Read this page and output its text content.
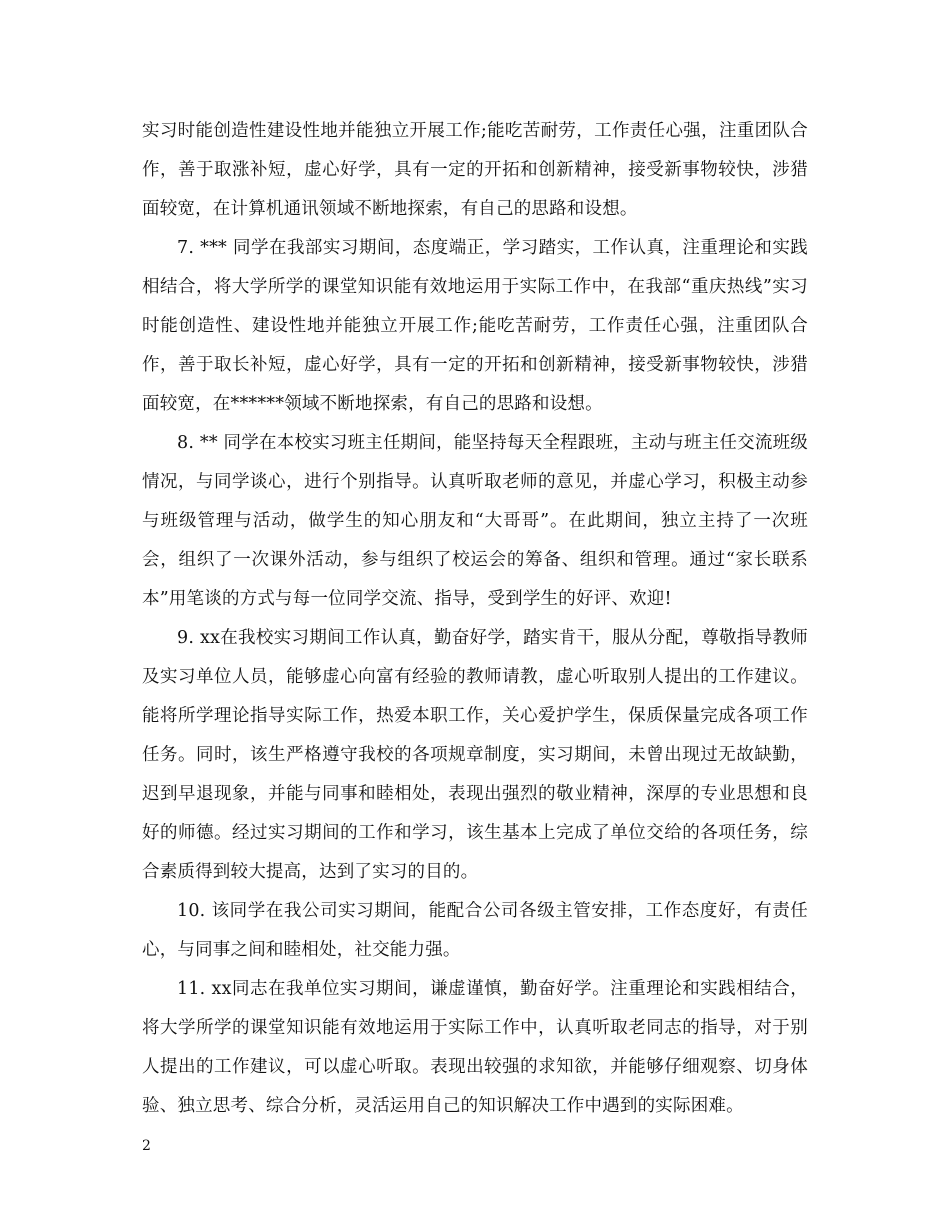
实习时能创造性建设性地并能独立开展工作;能吃苦耐劳，工作责任心强，注重团队合作，善于取涨补短，虚心好学，具有一定的开拓和创新精神，接受新事物较快，涉猎面较宽，在计算机通讯领域不断地探索，有自己的思路和设想。

7. *** 同学在我部实习期间，态度端正，学习踏实，工作认真，注重理论和实践相结合，将大学所学的课堂知识能有效地运用于实际工作中，在我部“重庆热线”实习时能创造性、建设性地并能独立开展工作;能吃苦耐劳，工作责任心强，注重团队合作，善于取长补短，虚心好学，具有一定的开拓和创新精神，接受新事物较快，涉猎面较宽，在******领域不断地探索，有自己的思路和设想。

8. ** 同学在本校实习班主任期间，能坚持每天全程跟班，主动与班主任交流班级情况，与同学谈心，进行个别指导。认真听取老师的意见，并虚心学习，积极主动参与班级管理与活动，做学生的知心朋友和“大哥哥”。在此期间，独立主持了一次班会，组织了一次课外活动，参与组织了校运会的筹备、组织和管理。通过“家长联系本”用笔谈的方式与每一位同学交流、指导，受到学生的好评、欢迎!

9. xx在我校实习期间工作认真，勤奋好学，踏实肯干，服从分配，尊敬指导教师及实习单位人员，能够虚心向富有经验的教师请教，虚心听取别人提出的工作建议。能将所学理论指导实际工作，热爱本职工作，关心爱护学生，保质保量完成各项工作任务。同时，该生严格遵守我校的各项规章制度，实习期间，未曾出现过无故缺勤，迟到早退现象，并能与同事和睦相处，表现出强烈的敬业精神，深厚的专业思想和良好的师德。经过实习期间的工作和学习，该生基本上完成了单位交给的各项任务，综合素质得到较大提高，达到了实习的目的。

10. 该同学在我公司实习期间，能配合公司各级主管安排，工作态度好，有责任心，与同事之间和睦相处，社交能力强。

11. xx同志在我单位实习期间，谦虚谨慎，勤奋好学。注重理论和实践相结合，将大学所学的课堂知识能有效地运用于实际工作中，认真听取老同志的指导，对于别人提出的工作建议，可以虚心听取。表现出较强的求知欲，并能够仔细观察、切身体验、独立思考、综合分析，灵活运用自己的知识解决工作中遇到的实际困难。

2
